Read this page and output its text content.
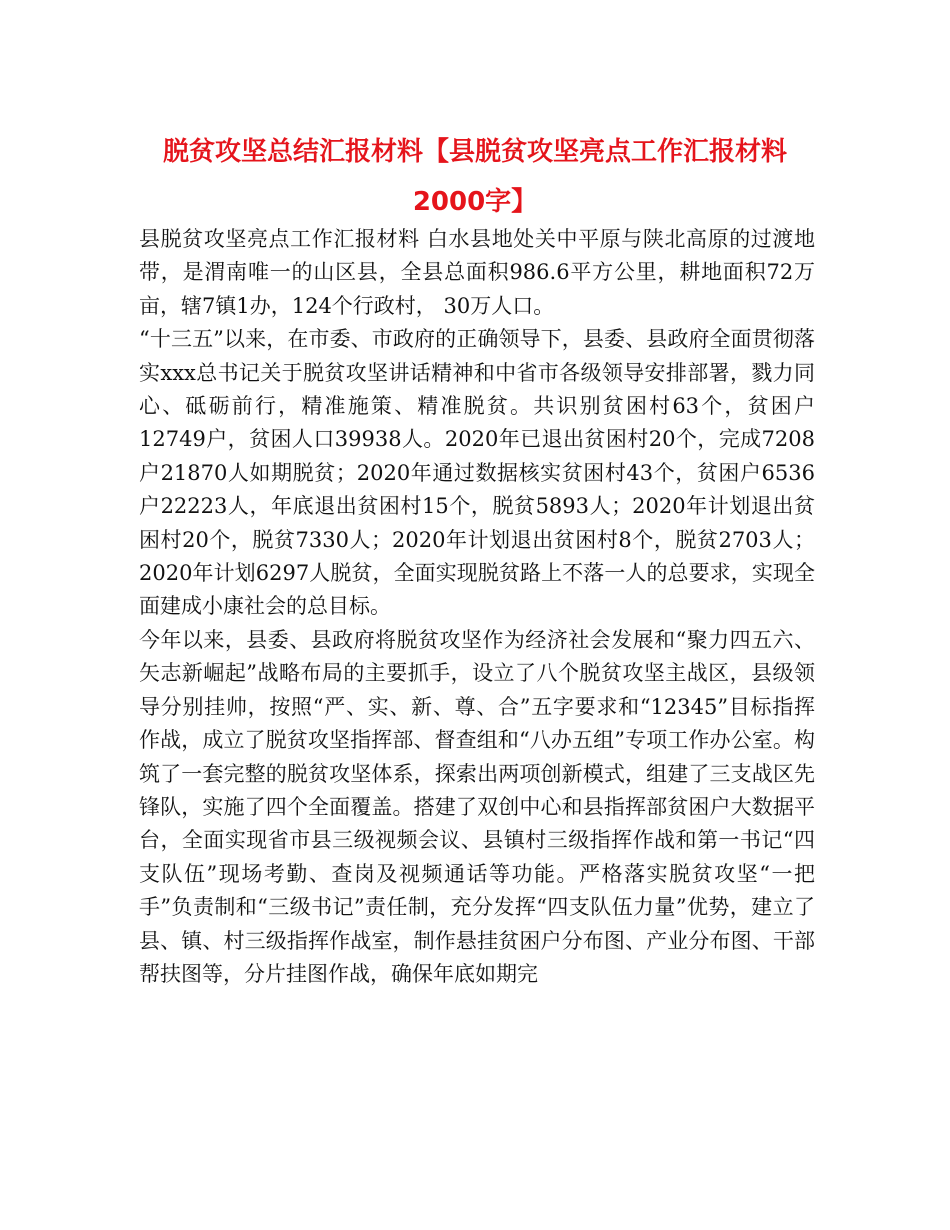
脱贫攻坚总结汇报材料【县脱贫攻坚亮点工作汇报材料
2000字】

县脱贫攻坚亮点工作汇报材料 白水县地处关中平原与陕北高原的过渡地带，是渭南唯一的山区县，全县总面积986.6平方公里，耕地面积72万亩，辖7镇1办，124个行政村， 30万人口。

“十三五”以来，在市委、市政府的正确领导下，县委、县政府全面贯彻落实xxx总书记关于脱贫攻坚讲话精神和中省市各级领导安排部署，戮力同心、砥砺前行，精准施策、精准脱贫。共识别贫困村63个，贫困户12749户，贫困人口39938人。2020年已退出贫困村20个，完成7208户21870人如期脱贫；2020年通过数据核实贫困村43个，贫困户6536户22223人，年底退出贫困村15个，脱贫5893人；2020年计划退出贫困村20个，脱贫7330人；2020年计划退出贫困村8个，脱贫2703人；2020年计划6297人脱贫，全面实现脱贫路上不落一人的总要求，实现全面建成小康社会的总目标。

今年以来，县委、县政府将脱贫攻坚作为经济社会发展和“聚力四五六、矢志新崛起”战略布局的主要抓手，设立了八个脱贫攻坚主战区，县级领导分别挂帅，按照“严、实、新、尊、合”五字要求和“12345”目标指挥作战，成立了脱贫攻坚指挥部、督查组和“八办五组”专项工作办公室。构筑了一套完整的脱贫攻坚体系，探索出两项创新模式，组建了三支战区先锋队，实施了四个全面覆盖。搭建了双创中心和县指挥部贫困户大数据平台，全面实现省市县三级视频会议、县镇村三级指挥作战和第一书记“四支队伍”现场考勤、查岗及视频通话等功能。严格落实脱贫攻坚“一把手”负责制和“三级书记”责任制，充分发挥“四支队伍力量”优势，建立了县、镇、村三级指挥作战室，制作悬挂贫困户分布图、产业分布图、干部帮扶图等，分片挂图作战，确保年底如期完
